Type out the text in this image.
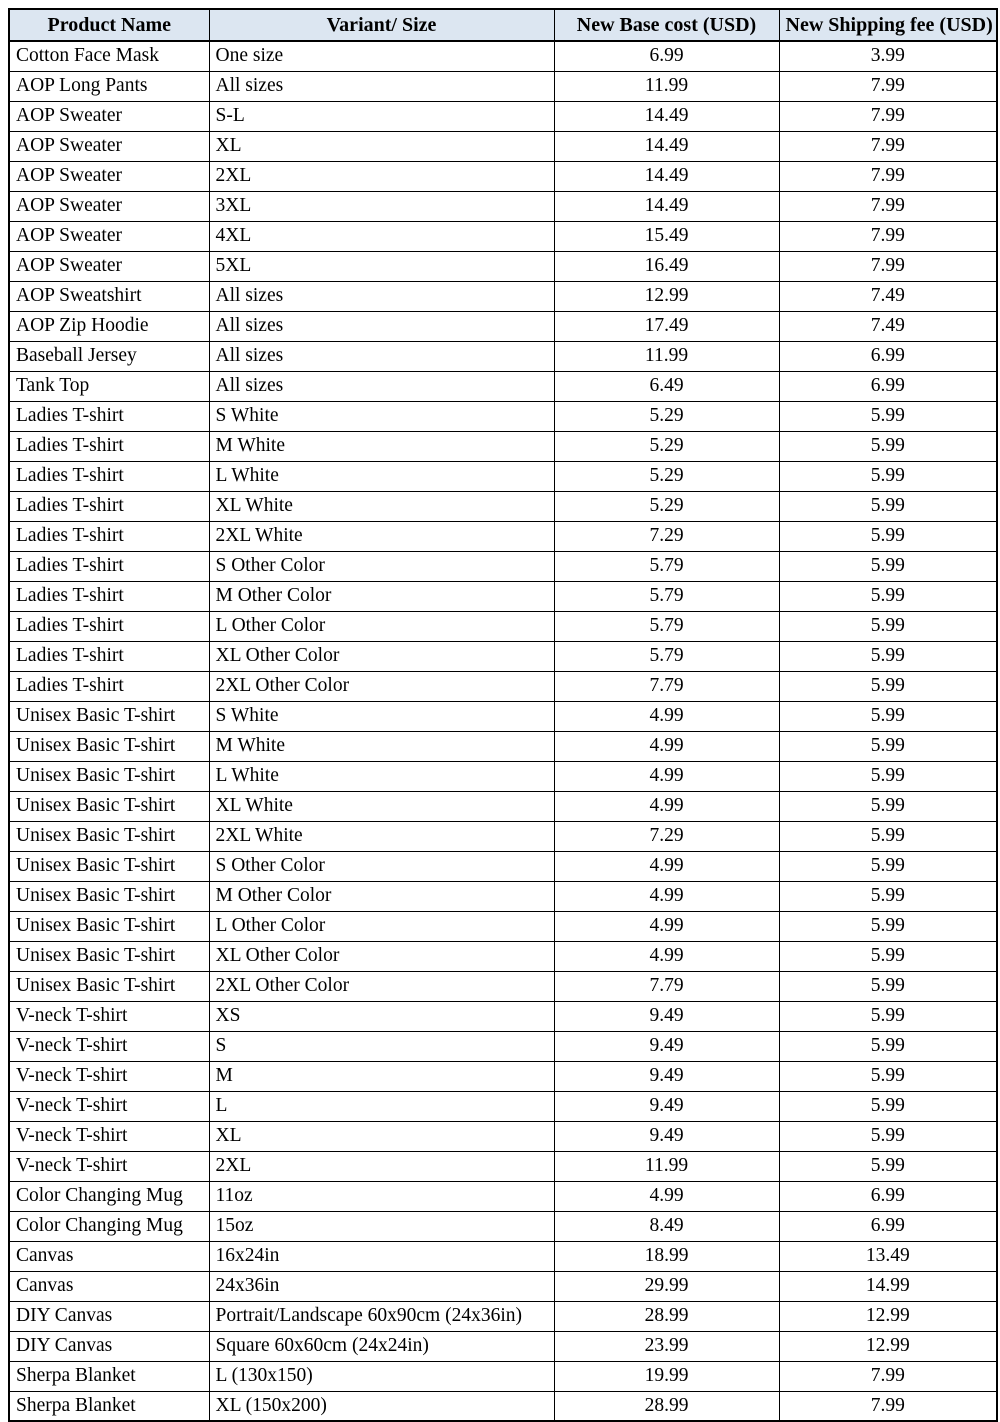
Product Name	Variant/ Size	New Base cost (USD)	New Shipping fee (USD)
Cotton Face Mask	One size	6.99	3.99
AOP Long Pants	All sizes	11.99	7.99
AOP Sweater	S-L	14.49	7.99
AOP Sweater	XL	14.49	7.99
AOP Sweater	2XL	14.49	7.99
AOP Sweater	3XL	14.49	7.99
AOP Sweater	4XL	15.49	7.99
AOP Sweater	5XL	16.49	7.99
AOP Sweatshirt	All sizes	12.99	7.49
AOP Zip Hoodie	All sizes	17.49	7.49
Baseball Jersey	All sizes	11.99	6.99
Tank Top	All sizes	6.49	6.99
Ladies T-shirt	S White	5.29	5.99
Ladies T-shirt	M White	5.29	5.99
Ladies T-shirt	L White	5.29	5.99
Ladies T-shirt	XL White	5.29	5.99
Ladies T-shirt	2XL White	7.29	5.99
Ladies T-shirt	S Other Color	5.79	5.99
Ladies T-shirt	M Other Color	5.79	5.99
Ladies T-shirt	L Other Color	5.79	5.99
Ladies T-shirt	XL Other Color	5.79	5.99
Ladies T-shirt	2XL Other Color	7.79	5.99
Unisex Basic T-shirt	S White	4.99	5.99
Unisex Basic T-shirt	M White	4.99	5.99
Unisex Basic T-shirt	L White	4.99	5.99
Unisex Basic T-shirt	XL White	4.99	5.99
Unisex Basic T-shirt	2XL White	7.29	5.99
Unisex Basic T-shirt	S Other Color	4.99	5.99
Unisex Basic T-shirt	M Other Color	4.99	5.99
Unisex Basic T-shirt	L Other Color	4.99	5.99
Unisex Basic T-shirt	XL Other Color	4.99	5.99
Unisex Basic T-shirt	2XL Other Color	7.79	5.99
V-neck T-shirt	XS	9.49	5.99
V-neck T-shirt	S	9.49	5.99
V-neck T-shirt	M	9.49	5.99
V-neck T-shirt	L	9.49	5.99
V-neck T-shirt	XL	9.49	5.99
V-neck T-shirt	2XL	11.99	5.99
Color Changing Mug	11oz	4.99	6.99
Color Changing Mug	15oz	8.49	6.99
Canvas	16x24in	18.99	13.49
Canvas	24x36in	29.99	14.99
DIY Canvas	Portrait/Landscape 60x90cm (24x36in)	28.99	12.99
DIY Canvas	Square 60x60cm (24x24in)	23.99	12.99
Sherpa Blanket	L (130x150)	19.99	7.99
Sherpa Blanket	XL (150x200)	28.99	7.99
